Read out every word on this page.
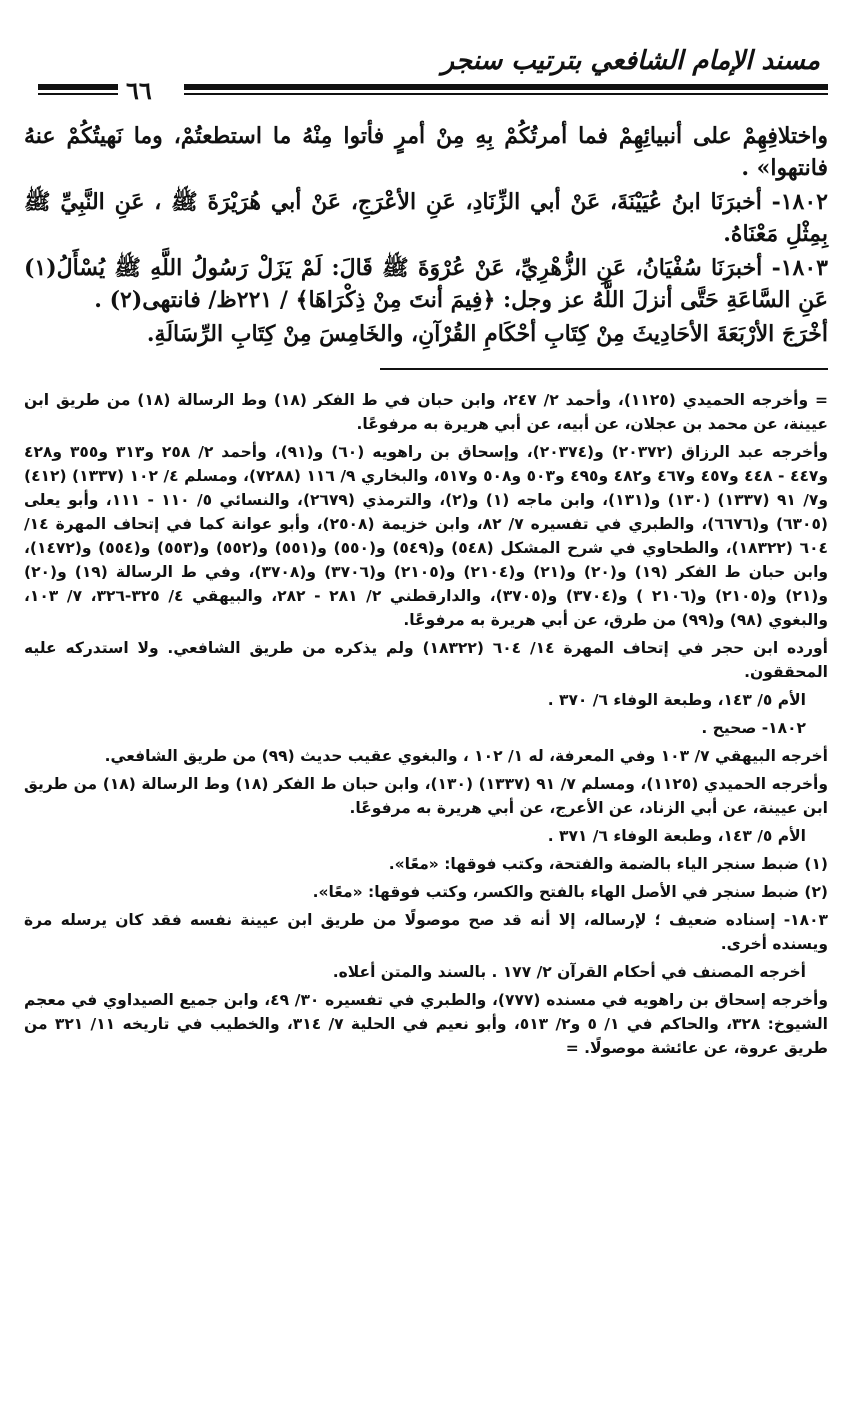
مسند الإمام الشافعي بترتيب سنجر
٦٦

واختلافِهِمْ على أنبيائِهِمْ فما أمرتُكُمْ بِهِ مِنْ أمرٍ فأتوا مِنْهُ ما استطعتُمْ، وما نَهيتُكُمْ عنهُ فانتهوا» .

١٨٠٢- أخبرَنَا ابنُ عُيَيْنَةَ، عَنْ أبي الزِّنَادِ، عَنِ الأعْرَجِ، عَنْ أبي هُرَيْرَةَ ﷺ ، عَنِ النَّبِيِّ ﷺ بِمِثْلِ مَعْنَاهُ.

١٨٠٣- أخبرَنَا سُفْيَانُ، عَنِ الزُّهْرِيِّ، عَنْ عُرْوَةَ ﷺ قَالَ: لَمْ يَزَلْ رَسُولُ اللَّهِ ﷺ يُسْأَلُ(١) عَنِ السَّاعَةِ حَتَّى أنزلَ اللَّهُ عز وجل: ﴿فِيمَ أنتَ مِنْ ذِكْرَاهَا﴾ / ٢٢١ظ/ فانتهى(٢) .

أخْرَجَ الأرْبَعَةَ الأحَادِيثَ مِنْ كِتَابِ أحْكَامِ القُرْآنِ، والخَامِسَ مِنْ كِتَابِ الرِّسَالَةِ.

= وأخرجه الحميدي (١١٢٥)، وأحمد ٢/ ٢٤٧، وابن حبان في ط الفكر (١٨) وط الرسالة (١٨) من طريق ابن عيينة، عن محمد بن عجلان، عن أبيه، عن أبي هريرة به مرفوعًا.

وأخرجه عبد الرزاق (٢٠٣٧٢) و(٢٠٣٧٤)، وإسحاق بن راهويه (٦٠) و(٩١)، وأحمد ٢/ ٢٥٨ و٣١٣ و٣٥٥ و٤٢٨ و٤٤٧ - ٤٤٨ و٤٥٧ و٤٦٧ و٤٨٢ و٤٩٥ و٥٠٣ و٥٠٨ و٥١٧، والبخاري ٩/ ١١٦ (٧٢٨٨)، ومسلم ٤/ ١٠٢ (١٣٣٧) (٤١٢) و٧/ ٩١ (١٣٣٧) (١٣٠) و(١٣١)، وابن ماجه (١) و(٢)، والترمذي (٢٦٧٩)، والنسائي ٥/ ١١٠ - ١١١، وأبو يعلى (٦٣٠٥) و(٦٦٧٦)، والطبري في تفسيره ٧/ ٨٢، وابن خزيمة (٢٥٠٨)، وأبو عوانة كما في إتحاف المهرة ١٤/ ٦٠٤ (١٨٣٢٢)، والطحاوي في شرح المشكل (٥٤٨) و(٥٤٩) و(٥٥٠) و(٥٥١) و(٥٥٢) و(٥٥٣) و(٥٥٤) و(١٤٧٢)، وابن حبان ط الفكر (١٩) و(٢٠) و(٢١) و(٢١٠٤) و(٢١٠٥) و(٣٧٠٦) و(٣٧٠٨)، وفي ط الرسالة (١٩) و(٢٠) و(٢١) و(٢١٠٥) و(٢١٠٦ ) و(٣٧٠٤) و(٣٧٠٥)، والدارقطني ٢/ ٢٨١ - ٢٨٢، والبيهقي ٤/ ٣٢٥-٣٢٦، ٧/ ١٠٣، والبغوي (٩٨) و(٩٩) من طرق، عن أبي هريرة به مرفوعًا.

أورده ابن حجر في إتحاف المهرة ١٤/ ٦٠٤ (١٨٣٢٢) ولم يذكره من طريق الشافعي. ولا استدركه عليه المحققون.

الأم ٥/ ١٤٣، وطبعة الوفاء ٦/ ٣٧٠ .

١٨٠٢- صحيح .

أخرجه البيهقي ٧/ ١٠٣ وفي المعرفة، له ١/ ١٠٢ ، والبغوي عقيب حديث (٩٩) من طريق الشافعي.

وأخرجه الحميدي (١١٢٥)، ومسلم ٧/ ٩١ (١٣٣٧) (١٣٠)، وابن حبان ط الفكر (١٨) وط الرسالة (١٨) من طريق ابن عيينة، عن أبي الزناد، عن الأعرج، عن أبي هريرة به مرفوعًا.

الأم ٥/ ١٤٣، وطبعة الوفاء ٦/ ٣٧١ .

(١) ضبط سنجر الياء بالضمة والفتحة، وكتب فوقها: «معًا».

(٢) ضبط سنجر في الأصل الهاء بالفتح والكسر، وكتب فوقها: «معًا».

١٨٠٣- إسناده ضعيف ؛ لإرساله، إلا أنه قد صح موصولًا من طريق ابن عيينة نفسه فقد كان يرسله مرة ويسنده أخرى.

أخرجه المصنف في أحكام القرآن ٢/ ١٧٧ . بالسند والمتن أعلاه.

وأخرجه إسحاق بن راهويه في مسنده (٧٧٧)، والطبري في تفسيره ٣٠/ ٤٩، وابن جميع الصيداوي في معجم الشيوخ: ٣٢٨، والحاكم في ١/ ٥ و٢/ ٥١٣، وأبو نعيم في الحلية ٧/ ٣١٤، والخطيب في تاريخه ١١/ ٣٢١ من طريق عروة، عن عائشة موصولًا. =
